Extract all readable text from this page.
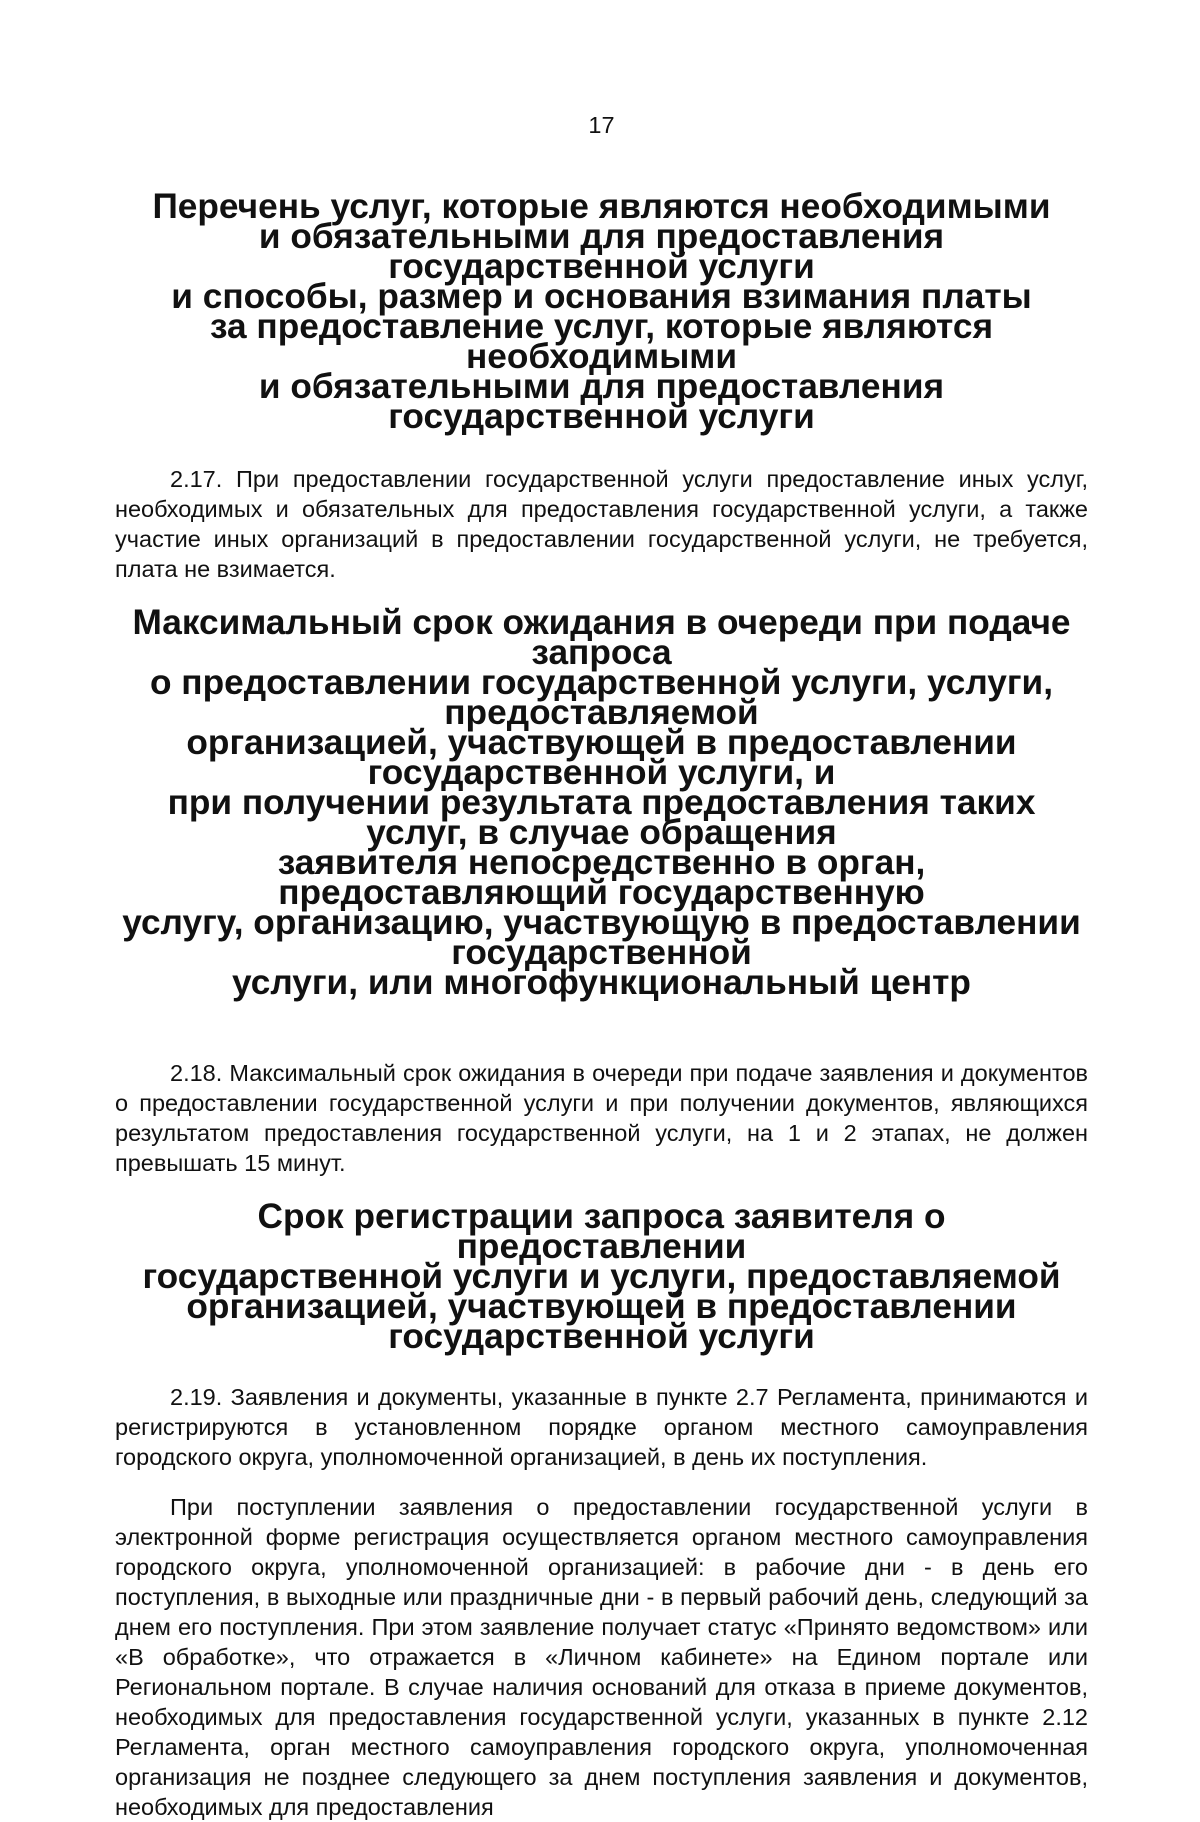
17
Перечень услуг, которые являются необходимыми
и обязательными для предоставления государственной услуги
и способы, размер и основания взимания платы
за предоставление услуг, которые являются необходимыми
и обязательными для предоставления государственной услуги

2.17. При предоставлении государственной услуги предоставление иных услуг, необходимых и обязательных для предоставления государственной услуги, а также участие иных организаций в предоставлении государственной услуги, не требуется, плата не взимается.

Максимальный срок ожидания в очереди при подаче запроса
о предоставлении государственной услуги, услуги, предоставляемой
организацией, участвующей в предоставлении государственной услуги, и
при получении результата предоставления таких услуг, в случае обращения
заявителя непосредственно в орган, предоставляющий государственную
услугу, организацию, участвующую в предоставлении государственной
услуги, или многофункциональный центр

2.18. Максимальный срок ожидания в очереди при подаче заявления и документов о предоставлении государственной услуги и при получении документов, являющихся результатом предоставления государственной услуги, на 1 и 2 этапах, не должен превышать 15 минут.

Срок регистрации запроса заявителя о предоставлении
государственной услуги и услуги, предоставляемой
организацией, участвующей в предоставлении
государственной услуги

2.19. Заявления и документы, указанные в пункте 2.7 Регламента, принимаются и регистрируются в установленном порядке органом местного самоуправления городского округа, уполномоченной организацией, в день их поступления.

При поступлении заявления о предоставлении государственной услуги в электронной форме регистрация осуществляется органом местного самоуправления городского округа, уполномоченной организацией: в рабочие дни - в день его поступления, в выходные или праздничные дни - в первый рабочий день, следующий за днем его поступления. При этом заявление получает статус «Принято ведомством» или «В обработке», что отражается в «Личном кабинете» на Едином портале или Региональном портале. В случае наличия оснований для отказа в приеме документов, необходимых для предоставления государственной услуги, указанных в пункте 2.12 Регламента, орган местного самоуправления городского округа, уполномоченная организация не позднее следующего за днем поступления заявления и документов, необходимых для предоставления
